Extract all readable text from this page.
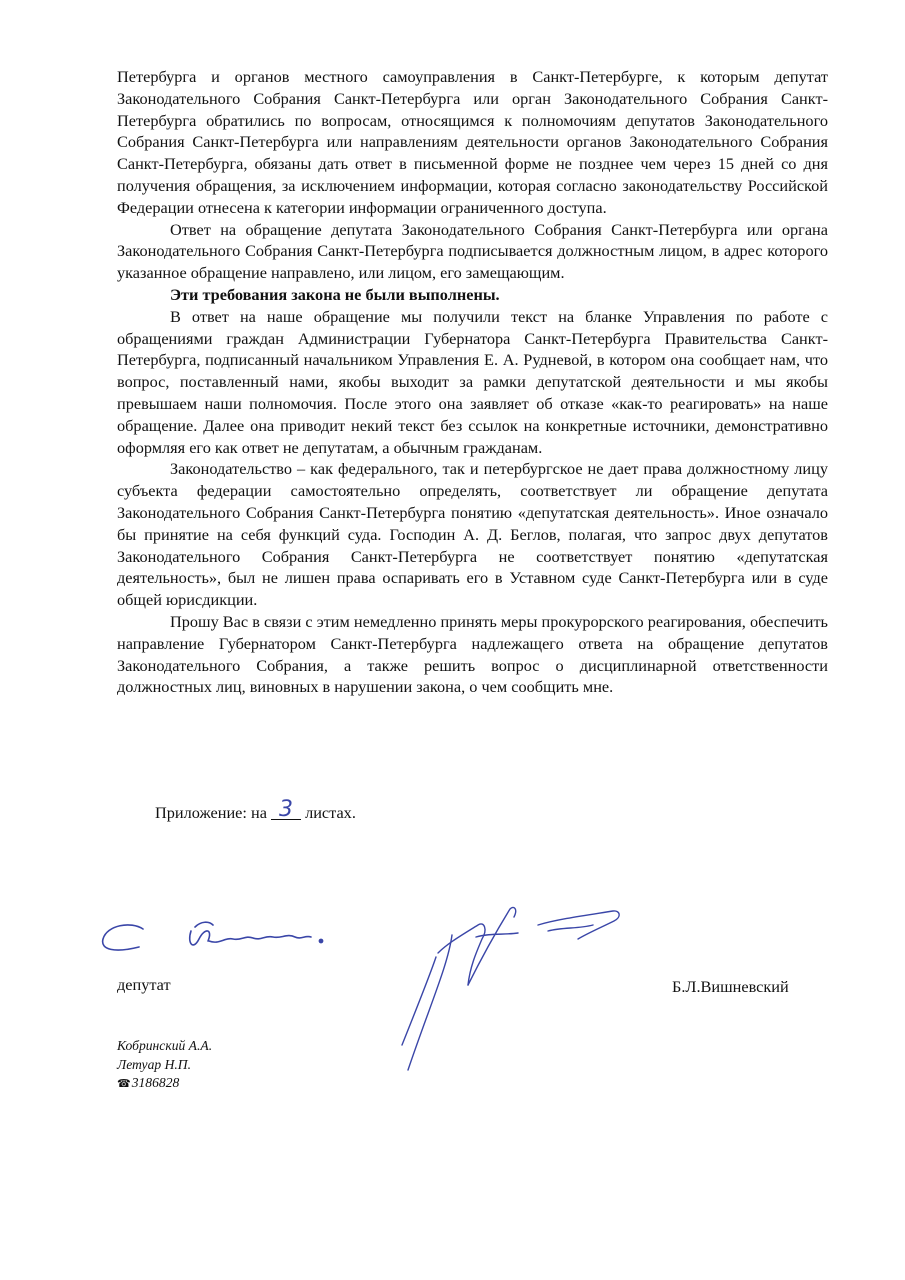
Петербурга и органов местного самоуправления в Санкт-Петербурге, к которым депутат Законодательного Собрания Санкт-Петербурга или орган Законодательного Собрания Санкт-Петербурга обратились по вопросам, относящимся к полномочиям депутатов Законодательного Собрания Санкт-Петербурга или направлениям деятельности органов Законодательного Собрания Санкт-Петербурга, обязаны дать ответ в письменной форме не позднее чем через 15 дней со дня получения обращения, за исключением информации, которая согласно законодательству Российской Федерации отнесена к категории информации ограниченного доступа.

Ответ на обращение депутата Законодательного Собрания Санкт-Петербурга или органа Законодательного Собрания Санкт-Петербурга подписывается должностным лицом, в адрес которого указанное обращение направлено, или лицом, его замещающим.

Эти требования закона не были выполнены.

В ответ на наше обращение мы получили текст на бланке Управления по работе с обращениями граждан Администрации Губернатора Санкт-Петербурга Правительства Санкт-Петербурга, подписанный начальником Управления Е. А. Рудневой, в котором она сообщает нам, что вопрос, поставленный нами, якобы выходит за рамки депутатской деятельности и мы якобы превышаем наши полномочия. После этого она заявляет об отказе «как-то реагировать» на наше обращение. Далее она приводит некий текст без ссылок на конкретные источники, демонстративно оформляя его как ответ не депутатам, а обычным гражданам.

Законодательство – как федерального, так и петербургское не дает права должностному лицу субъекта федерации самостоятельно определять, соответствует ли обращение депутата Законодательного Собрания Санкт-Петербурга понятию «депутатская деятельность». Иное означало бы принятие на себя функций суда. Господин А. Д. Беглов, полагая, что запрос двух депутатов Законодательного Собрания Санкт-Петербурга не соответствует понятию «депутатская деятельность», был не лишен права оспаривать его в Уставном суде Санкт-Петербурга или в суде общей юрисдикции.

Прошу Вас в связи с этим немедленно принять меры прокурорского реагирования, обеспечить направление Губернатором Санкт-Петербурга надлежащего ответа на обращение депутатов Законодательного Собрания, а также решить вопрос о дисциплинарной ответственности должностных лиц, виновных в нарушении закона, о чем сообщить мне.

Приложение: на 3 листах.
депутат	Б.Л.Вишневский
Кобринский А.А.
Летуар Н.П.
☎3186828
